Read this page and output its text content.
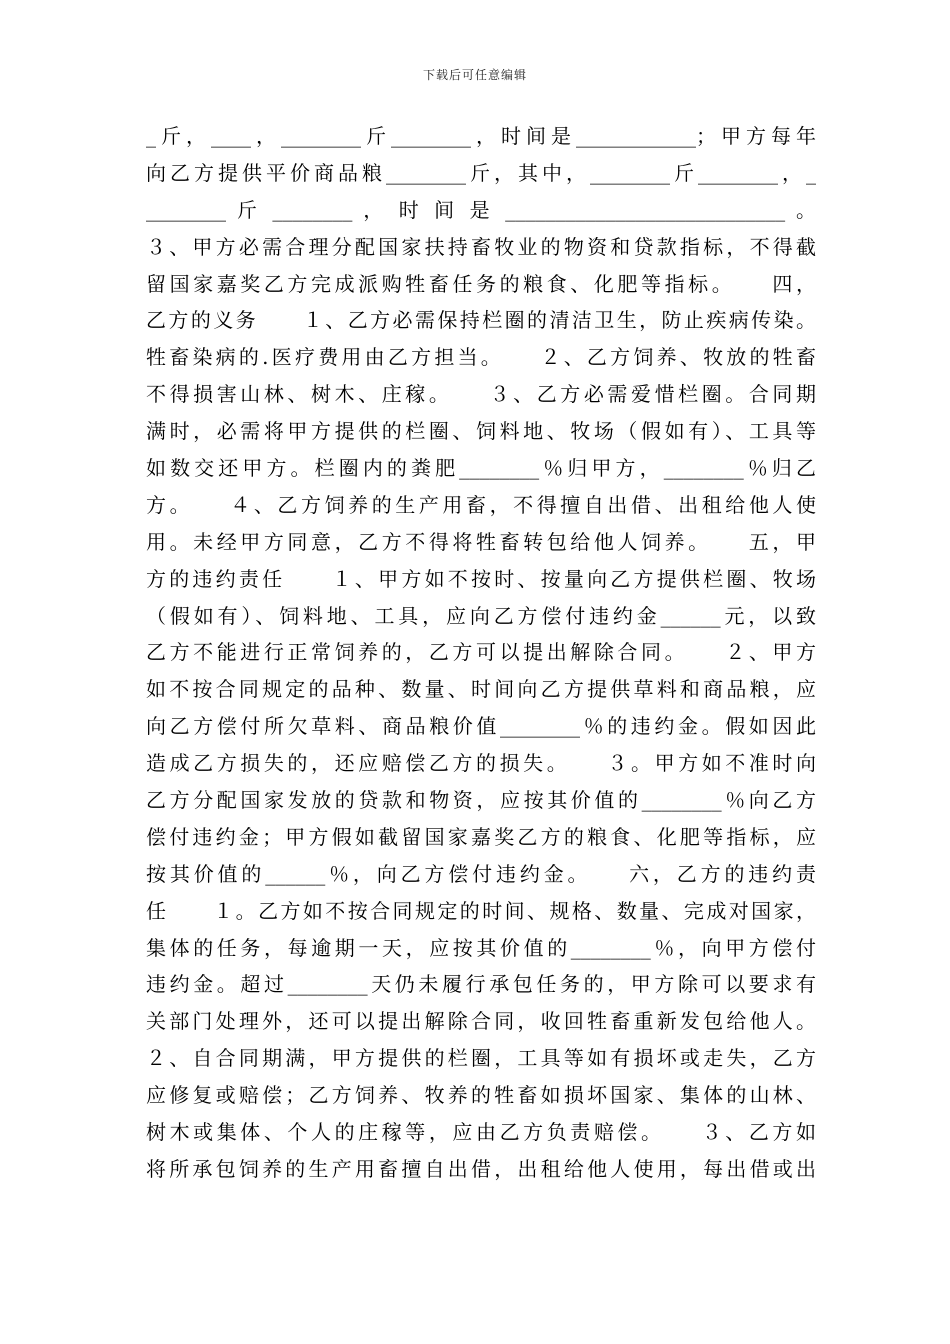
下载后可任意编辑
_斤，____，________斤________，时间是____________；甲方每年
向乙方提供平价商品粮________斤，其中，________斤________，_
________ 斤 ________ ， 时 间 是 ____________________________ 。
３、甲方必需合理分配国家扶持畜牧业的物资和贷款指标，不得截
留国家嘉奖乙方完成派购牲畜任务的粮食、化肥等指标。　　四，
乙方的义务　　１、乙方必需保持栏圈的清洁卫生，防止疾病传染。
牲畜染病的.医疗费用由乙方担当。　　２、乙方饲养、牧放的牲畜
不得损害山林、树木、庄稼。　　３、乙方必需爱惜栏圈。合同期
满时，必需将甲方提供的栏圈、饲料地、牧场（假如有）、工具等
如数交还甲方。栏圈内的粪肥________％归甲方，________％归乙
方。　　４、乙方饲养的生产用畜，不得擅自出借、出租给他人使
用。未经甲方同意，乙方不得将牲畜转包给他人饲养。　　五，甲
方的违约责任　　１、甲方如不按时、按量向乙方提供栏圈、牧场
（假如有）、饲料地、工具，应向乙方偿付违约金______元，以致
乙方不能进行正常饲养的，乙方可以提出解除合同。　　２、甲方
如不按合同规定的品种、数量、时间向乙方提供草料和商品粮，应
向乙方偿付所欠草料、商品粮价值________％的违约金。假如因此
造成乙方损失的，还应赔偿乙方的损失。　　３。甲方如不准时向
乙方分配国家发放的贷款和物资，应按其价值的________％向乙方
偿付违约金；甲方假如截留国家嘉奖乙方的粮食、化肥等指标，应
按其价值的______％，向乙方偿付违约金。　　六，乙方的违约责
任　　１。乙方如不按合同规定的时间、规格、数量、完成对国家，
集体的任务，每逾期一天，应按其价值的________％，向甲方偿付
违约金。超过________天仍未履行承包任务的，甲方除可以要求有
关部门处理外，还可以提出解除合同，收回牲畜重新发包给他人。
２、自合同期满，甲方提供的栏圈，工具等如有损坏或走失，乙方
应修复或赔偿；乙方饲养、牧养的牲畜如损坏国家、集体的山林、
树木或集体、个人的庄稼等，应由乙方负责赔偿。　　３、乙方如
将所承包饲养的生产用畜擅自出借，出租给他人使用，每出借或出
